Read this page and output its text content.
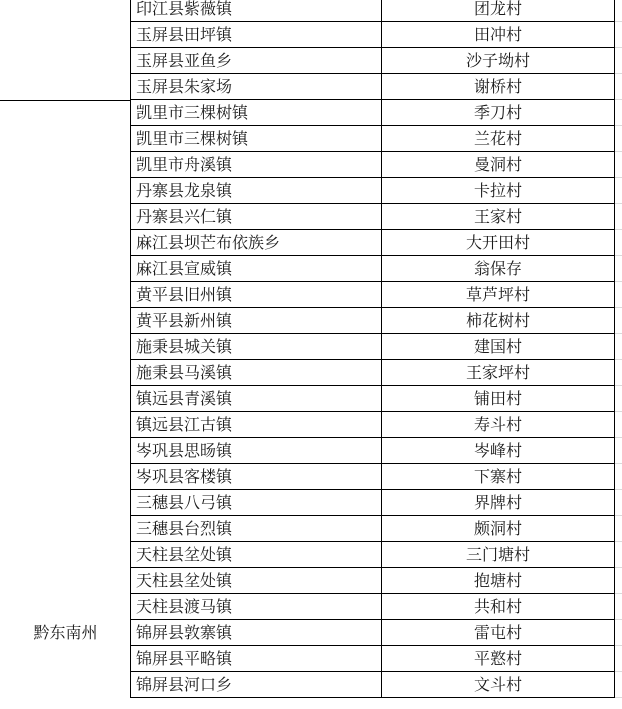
锦屏县河口乡	文斗村
锦屏县平略镇	平憝村
锦屏县敦寨镇	雷屯村
天柱县渡马镇	共和村
天柱县坌处镇	抱塘村
天柱县坌处镇	三门塘村
三穗县台烈镇	颇洞村
三穗县八弓镇	界牌村
岑巩县客楼镇	下寨村
岑巩县思旸镇	岑峰村
镇远县江古镇	寿斗村
镇远县青溪镇	铺田村
施秉县马溪镇	王家坪村
施秉县城关镇	建国村
黄平县新州镇	柿花树村
黄平县旧州镇	草芦坪村
麻江县宣威镇	翁保存
麻江县坝芒布依族乡	大开田村
丹寨县兴仁镇	王家村
丹寨县龙泉镇	卡拉村
凯里市舟溪镇	曼洞村
凯里市三棵树镇	兰花村
凯里市三棵树镇	季刀村
玉屏县朱家场	谢桥村
玉屏县亚鱼乡	沙子坳村
玉屏县田坪镇	田冲村
印江县紫薇镇	团龙村
黔东南州
